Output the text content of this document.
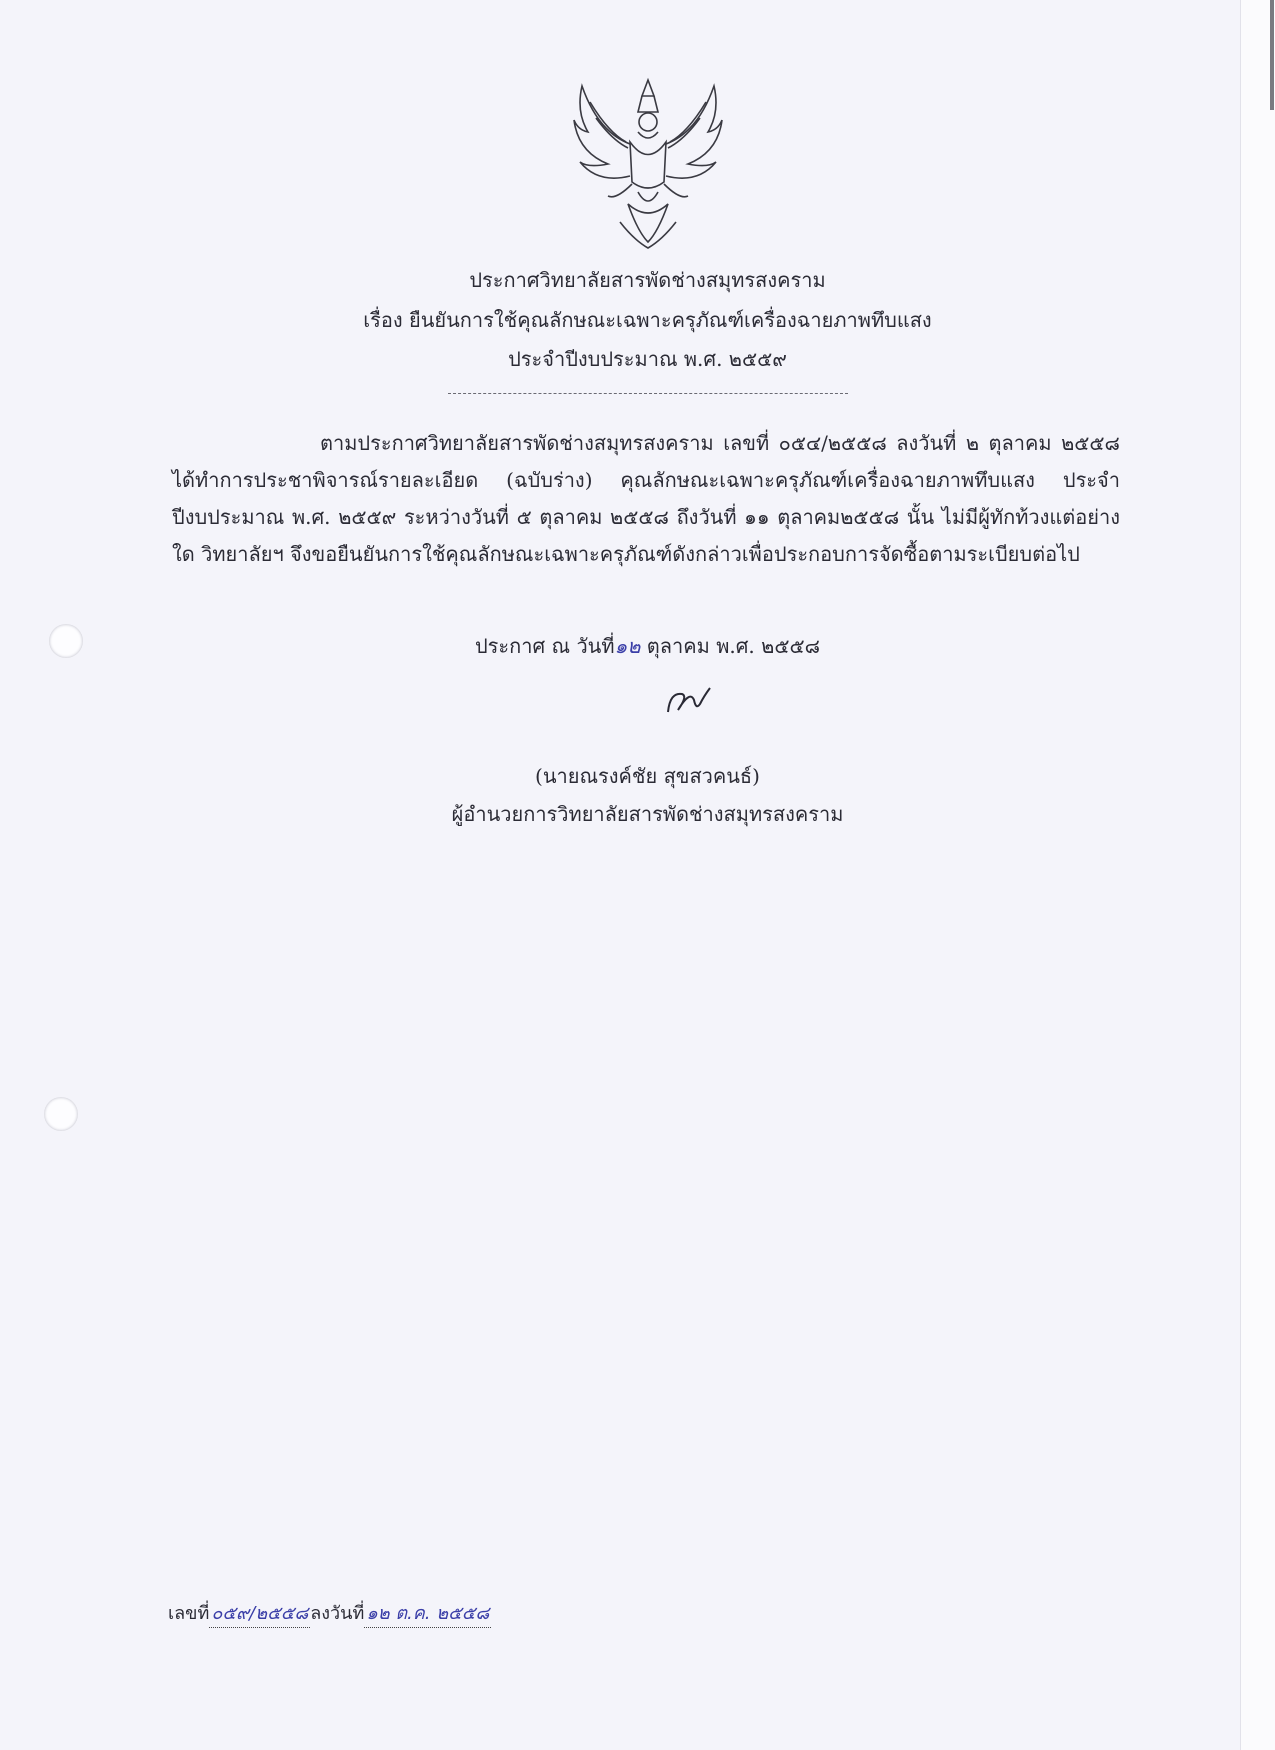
ประกาศวิทยาลัยสารพัดช่างสมุทรสงคราม
เรื่อง ยืนยันการใช้คุณลักษณะเฉพาะครุภัณฑ์เครื่องฉายภาพทึบแสง
ประจำปีงบประมาณ พ.ศ. ๒๕๕๙
ตามประกาศวิทยาลัยสารพัดช่างสมุทรสงคราม เลขที่ ๐๕๔/๒๕๕๘ ลงวันที่ ๒ ตุลาคม ๒๕๕๘ ได้ทำการประชาพิจารณ์รายละเอียด (ฉบับร่าง) คุณลักษณะเฉพาะครุภัณฑ์เครื่องฉายภาพทึบแสง ประจำปีงบประมาณ พ.ศ. ๒๕๕๙ ระหว่างวันที่ ๕ ตุลาคม ๒๕๕๘ ถึงวันที่ ๑๑ ตุลาคม๒๕๕๘ นั้น ไม่มีผู้ทักท้วงแต่อย่างใด วิทยาลัยฯ จึงขอยืนยันการใช้คุณลักษณะเฉพาะครุภัณฑ์ดังกล่าวเพื่อประกอบการจัดซื้อตามระเบียบต่อไป
ประกาศ ณ วันที่๑๒ ตุลาคม พ.ศ. ๒๕๕๘
(นายณรงค์ชัย สุขสวคนธ์)
ผู้อำนวยการวิทยาลัยสารพัดช่างสมุทรสงคราม
เลขที่ ๐๕๙/๒๕๕๘ ลงวันที่ ๑๒ ต.ค. ๒๕๕๘
